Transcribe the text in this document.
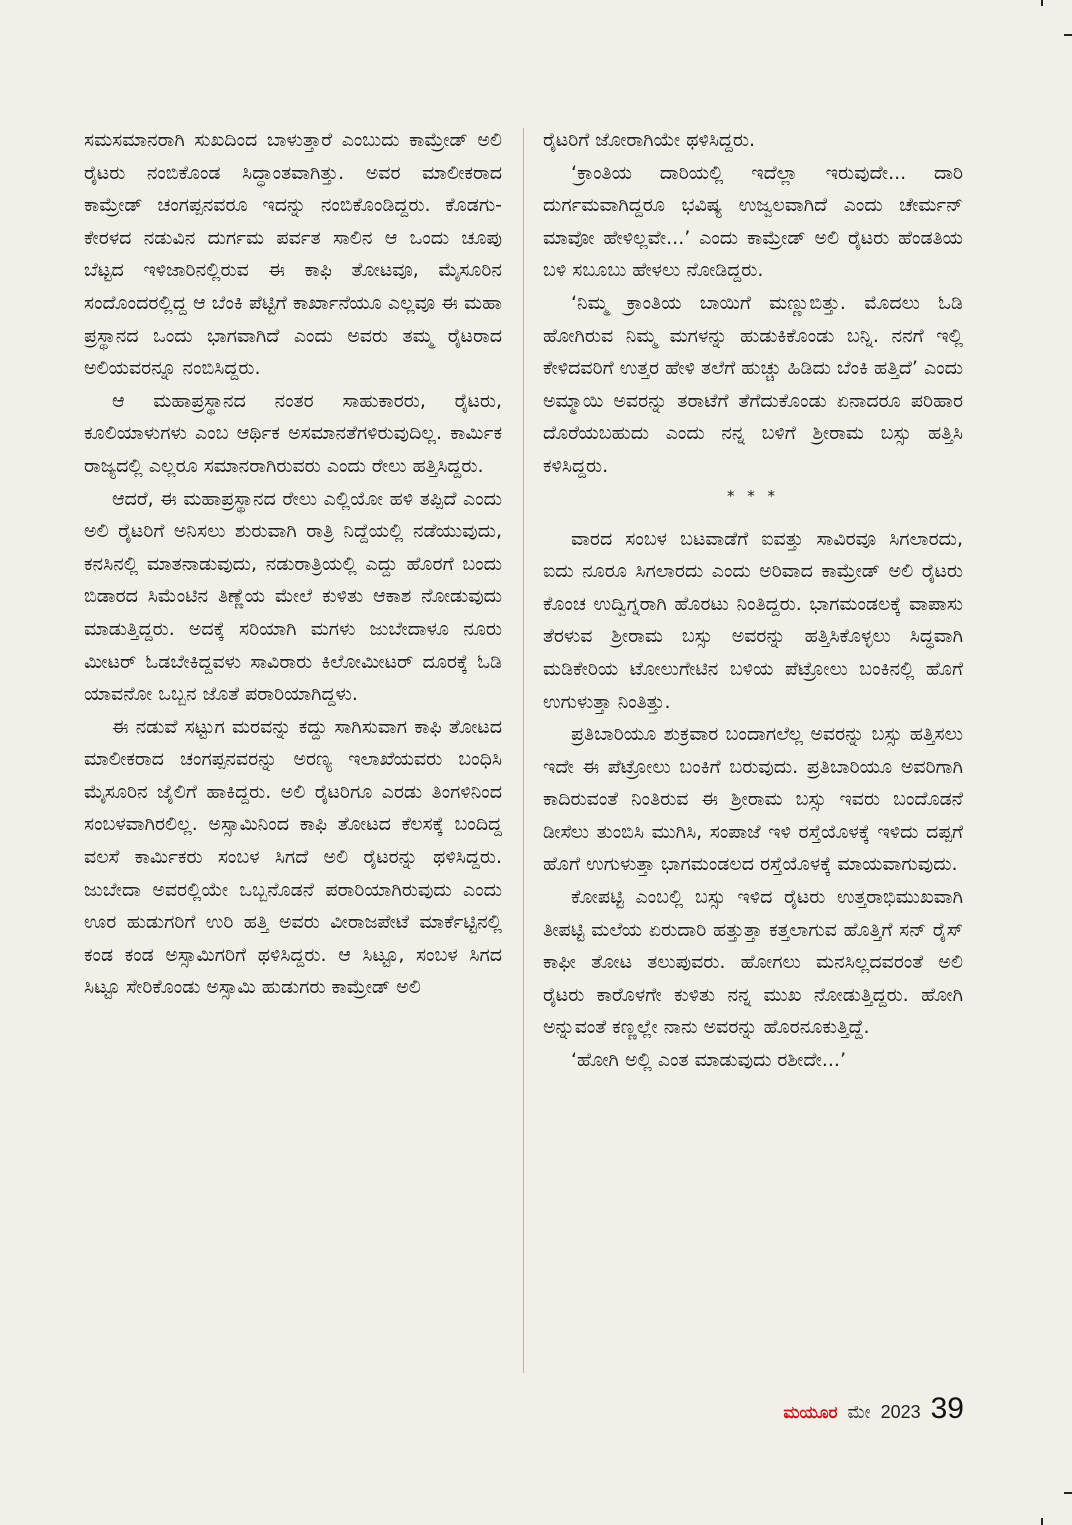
ಸಮಸಮಾನರಾಗಿ ಸುಖದಿಂದ ಬಾಳುತ್ತಾರೆ ಎಂಬುದು ಕಾಮ್ರೇಡ್ ಅಲಿ ರೈಟರು ನಂಬಿಕೊಂಡ ಸಿದ್ಧಾಂತವಾಗಿತ್ತು. ಅವರ ಮಾಲೀಕರಾದ ಕಾಮ್ರೇಡ್ ಚಂಗಪ್ಪನವರೂ ಇದನ್ನು ನಂಬಿಕೊಂಡಿದ್ದರು. ಕೊಡಗು-ಕೇರಳದ ನಡುವಿನ ದುರ್ಗಮ ಪರ್ವತ ಸಾಲಿನ ಆ ಒಂದು ಚೂಪು ಬೆಟ್ಟದ ಇಳಿಜಾರಿನಲ್ಲಿರುವ ಈ ಕಾಫಿ ತೋಟವೂ, ಮೈಸೂರಿನ ಸಂದೊಂದರಲ್ಲಿದ್ದ ಆ ಬೆಂಕಿ ಪೆಟ್ಟಿಗೆ ಕಾರ್ಖಾನೆಯೂ ಎಲ್ಲವೂ ಈ ಮಹಾ ಪ್ರಸ್ಥಾನದ ಒಂದು ಭಾಗವಾಗಿದೆ ಎಂದು ಅವರು ತಮ್ಮ ರೈಟರಾದ ಅಲಿಯವರನ್ನೂ ನಂಬಿಸಿದ್ದರು.

ಆ ಮಹಾಪ್ರಸ್ಥಾನದ ನಂತರ ಸಾಹುಕಾರರು, ರೈಟರು, ಕೂಲಿಯಾಳುಗಳು ಎಂಬ ಆರ್ಥಿಕ ಅಸಮಾನತೆಗಳಿರುವುದಿಲ್ಲ. ಕಾರ್ಮಿಕ ರಾಜ್ಯದಲ್ಲಿ ಎಲ್ಲರೂ ಸಮಾನರಾಗಿರುವರು ಎಂದು ರೇಲು ಹತ್ತಿಸಿದ್ದರು.

ಆದರೆ, ಈ ಮಹಾಪ್ರಸ್ಥಾನದ ರೇಲು ಎಲ್ಲಿಯೋ ಹಳಿ ತಪ್ಪಿದೆ ಎಂದು ಅಲಿ ರೈಟರಿಗೆ ಅನಿಸಲು ಶುರುವಾಗಿ ರಾತ್ರಿ ನಿದ್ದೆಯಲ್ಲಿ ನಡೆಯುವುದು, ಕನಸಿನಲ್ಲಿ ಮಾತನಾಡುವುದು, ನಡುರಾತ್ರಿಯಲ್ಲಿ ಎದ್ದು ಹೊರಗೆ ಬಂದು ಬಿಡಾರದ ಸಿಮೆಂಟಿನ ತಿಣ್ಣೆಯ ಮೇಲೆ ಕುಳಿತು ಆಕಾಶ ನೋಡುವುದು ಮಾಡುತ್ತಿದ್ದರು. ಅದಕ್ಕೆ ಸರಿಯಾಗಿ ಮಗಳು ಜುಬೇದಾಳೂ ನೂರು ಮೀಟರ್ ಓಡಬೇಕಿದ್ದವಳು ಸಾವಿರಾರು ಕಿಲೋಮೀಟರ್ ದೂರಕ್ಕೆ ಓಡಿ ಯಾವನೋ ಒಬ್ಬನ ಜೊತೆ ಪರಾರಿಯಾಗಿದ್ದಳು.

ಈ ನಡುವೆ ಸಟ್ಟುಗ ಮರವನ್ನು ಕದ್ದು ಸಾಗಿಸುವಾಗ ಕಾಫಿ ತೋಟದ ಮಾಲೀಕರಾದ ಚಂಗಪ್ಪನವರನ್ನು ಅರಣ್ಯ ಇಲಾಖೆಯವರು ಬಂಧಿಸಿ ಮೈಸೂರಿನ ಜೈಲಿಗೆ ಹಾಕಿದ್ದರು. ಅಲಿ ರೈಟರಿಗೂ ಎರಡು ತಿಂಗಳಿನಿಂದ ಸಂಬಳವಾಗಿರಲಿಲ್ಲ. ಅಸ್ಸಾಮಿನಿಂದ ಕಾಫಿ ತೋಟದ ಕೆಲಸಕ್ಕೆ ಬಂದಿದ್ದ ವಲಸೆ ಕಾರ್ಮಿಕರು ಸಂಬಳ ಸಿಗದೆ ಅಲಿ ರೈಟರನ್ನು ಥಳಿಸಿದ್ದರು. ಜುಬೇದಾ ಅವರಲ್ಲಿಯೇ ಒಬ್ಬನೊಡನೆ ಪರಾರಿಯಾಗಿರುವುದು ಎಂದು ಊರ ಹುಡುಗರಿಗೆ ಉರಿ ಹತ್ತಿ ಅವರು ವೀರಾಜಪೇಟೆ ಮಾರ್ಕೆಟ್ಟಿನಲ್ಲಿ ಕಂಡ ಕಂಡ ಅಸ್ಸಾಮಿಗರಿಗೆ ಥಳಿಸಿದ್ದರು. ಆ ಸಿಟ್ಟೂ, ಸಂಬಳ ಸಿಗದ ಸಿಟ್ಟೂ ಸೇರಿಕೊಂಡು ಅಸ್ಸಾಮಿ ಹುಡುಗರು ಕಾಮ್ರೇಡ್ ಅಲಿ

ರೈಟರಿಗೆ ಜೋರಾಗಿಯೇ ಥಳಿಸಿದ್ದರು.

‘ಕ್ರಾಂತಿಯ ದಾರಿಯಲ್ಲಿ ಇದೆಲ್ಲಾ ಇರುವುದೇ... ದಾರಿ ದುರ್ಗಮವಾಗಿದ್ದರೂ ಭವಿಷ್ಯ ಉಜ್ವಲವಾಗಿದೆ ಎಂದು ಚೇರ್ಮನ್ ಮಾವೋ ಹೇಳಿಲ್ಲವೇ...’ ಎಂದು ಕಾಮ್ರೇಡ್ ಅಲಿ ರೈಟರು ಹೆಂಡತಿಯ ಬಳಿ ಸಬೂಬು ಹೇಳಲು ನೋಡಿದ್ದರು.

‘ನಿಮ್ಮ ಕ್ರಾಂತಿಯ ಬಾಯಿಗೆ ಮಣ್ಣುಬಿತ್ತು. ಮೊದಲು ಓಡಿ ಹೋಗಿರುವ ನಿಮ್ಮ ಮಗಳನ್ನು ಹುಡುಕಿಕೊಂಡು ಬನ್ನಿ. ನನಗೆ ಇಲ್ಲಿ ಕೇಳಿದವರಿಗೆ ಉತ್ತರ ಹೇಳಿ ತಲೆಗೆ ಹುಚ್ಚು ಹಿಡಿದು ಬೆಂಕಿ ಹತ್ತಿದೆ’ ಎಂದು ಅಮ್ಮಾಯಿ ಅವರನ್ನು ತರಾಟೆಗೆ ತೆಗೆದುಕೊಂಡು ಏನಾದರೂ ಪರಿಹಾರ ದೊರೆಯಬಹುದು ಎಂದು ನನ್ನ ಬಳಿಗೆ ಶ್ರೀರಾಮ ಬಸ್ಸು ಹತ್ತಿಸಿ ಕಳಿಸಿದ್ದರು.

* * *

ವಾರದ ಸಂಬಳ ಬಟವಾಡೆಗೆ ಐವತ್ತು ಸಾವಿರವೂ ಸಿಗಲಾರದು, ಐದು ನೂರೂ ಸಿಗಲಾರದು ಎಂದು ಅರಿವಾದ ಕಾಮ್ರೇಡ್ ಅಲಿ ರೈಟರು ಕೊಂಚ ಉದ್ವಿಗ್ನರಾಗಿ ಹೊರಟು ನಿಂತಿದ್ದರು. ಭಾಗಮಂಡಲಕ್ಕೆ ವಾಪಾಸು ತೆರಳುವ ಶ್ರೀರಾಮ ಬಸ್ಸು ಅವರನ್ನು ಹತ್ತಿಸಿಕೊಳ್ಳಲು ಸಿದ್ಧವಾಗಿ ಮಡಿಕೇರಿಯ ಟೋಲುಗೇಟಿನ ಬಳಿಯ ಪೆಟ್ರೋಲು ಬಂಕಿನಲ್ಲಿ ಹೊಗೆ ಉಗುಳುತ್ತಾ ನಿಂತಿತ್ತು.

ಪ್ರತಿಬಾರಿಯೂ ಶುಕ್ರವಾರ ಬಂದಾಗಲೆಲ್ಲ ಅವರನ್ನು ಬಸ್ಸು ಹತ್ತಿಸಲು ಇದೇ ಈ ಪೆಟ್ರೋಲು ಬಂಕಿಗೆ ಬರುವುದು. ಪ್ರತಿಬಾರಿಯೂ ಅವರಿಗಾಗಿ ಕಾದಿರುವಂತೆ ನಿಂತಿರುವ ಈ ಶ್ರೀರಾಮ ಬಸ್ಸು ಇವರು ಬಂದೊಡನೆ ಡೀಸೆಲು ತುಂಬಿಸಿ ಮುಗಿಸಿ, ಸಂಪಾಜೆ ಇಳಿ ರಸ್ತೆಯೊಳಕ್ಕೆ ಇಳಿದು ದಪ್ಪಗೆ ಹೊಗೆ ಉಗುಳುತ್ತಾ ಭಾಗಮಂಡಲದ ರಸ್ತೆಯೊಳಕ್ಕೆ ಮಾಯವಾಗುವುದು.

ಕೋಪಟ್ಟಿ ಎಂಬಲ್ಲಿ ಬಸ್ಸು ಇಳಿದ ರೈಟರು ಉತ್ತರಾಭಿಮುಖವಾಗಿ ತೀಪಟ್ಟಿ ಮಲೆಯ ಏರುದಾರಿ ಹತ್ತುತ್ತಾ ಕತ್ತಲಾಗುವ ಹೊತ್ತಿಗೆ ಸನ್ ರೈಸ್ ಕಾಫೀ ತೋಟ ತಲುಪುವರು. ಹೋಗಲು ಮನಸಿಲ್ಲದವರಂತೆ ಅಲಿ ರೈಟರು ಕಾರೊಳಗೇ ಕುಳಿತು ನನ್ನ ಮುಖ ನೋಡುತ್ತಿದ್ದರು. ಹೋಗಿ ಅನ್ನುವಂತೆ ಕಣ್ಣಲ್ಲೇ ನಾನು ಅವರನ್ನು ಹೊರನೂಕುತ್ತಿದ್ದೆ.

‘ಹೋಗಿ ಅಲ್ಲಿ ಎಂತ ಮಾಡುವುದು ರಶೀದೇ...’

ಮಯೂರ ಮೇ 2023 39
